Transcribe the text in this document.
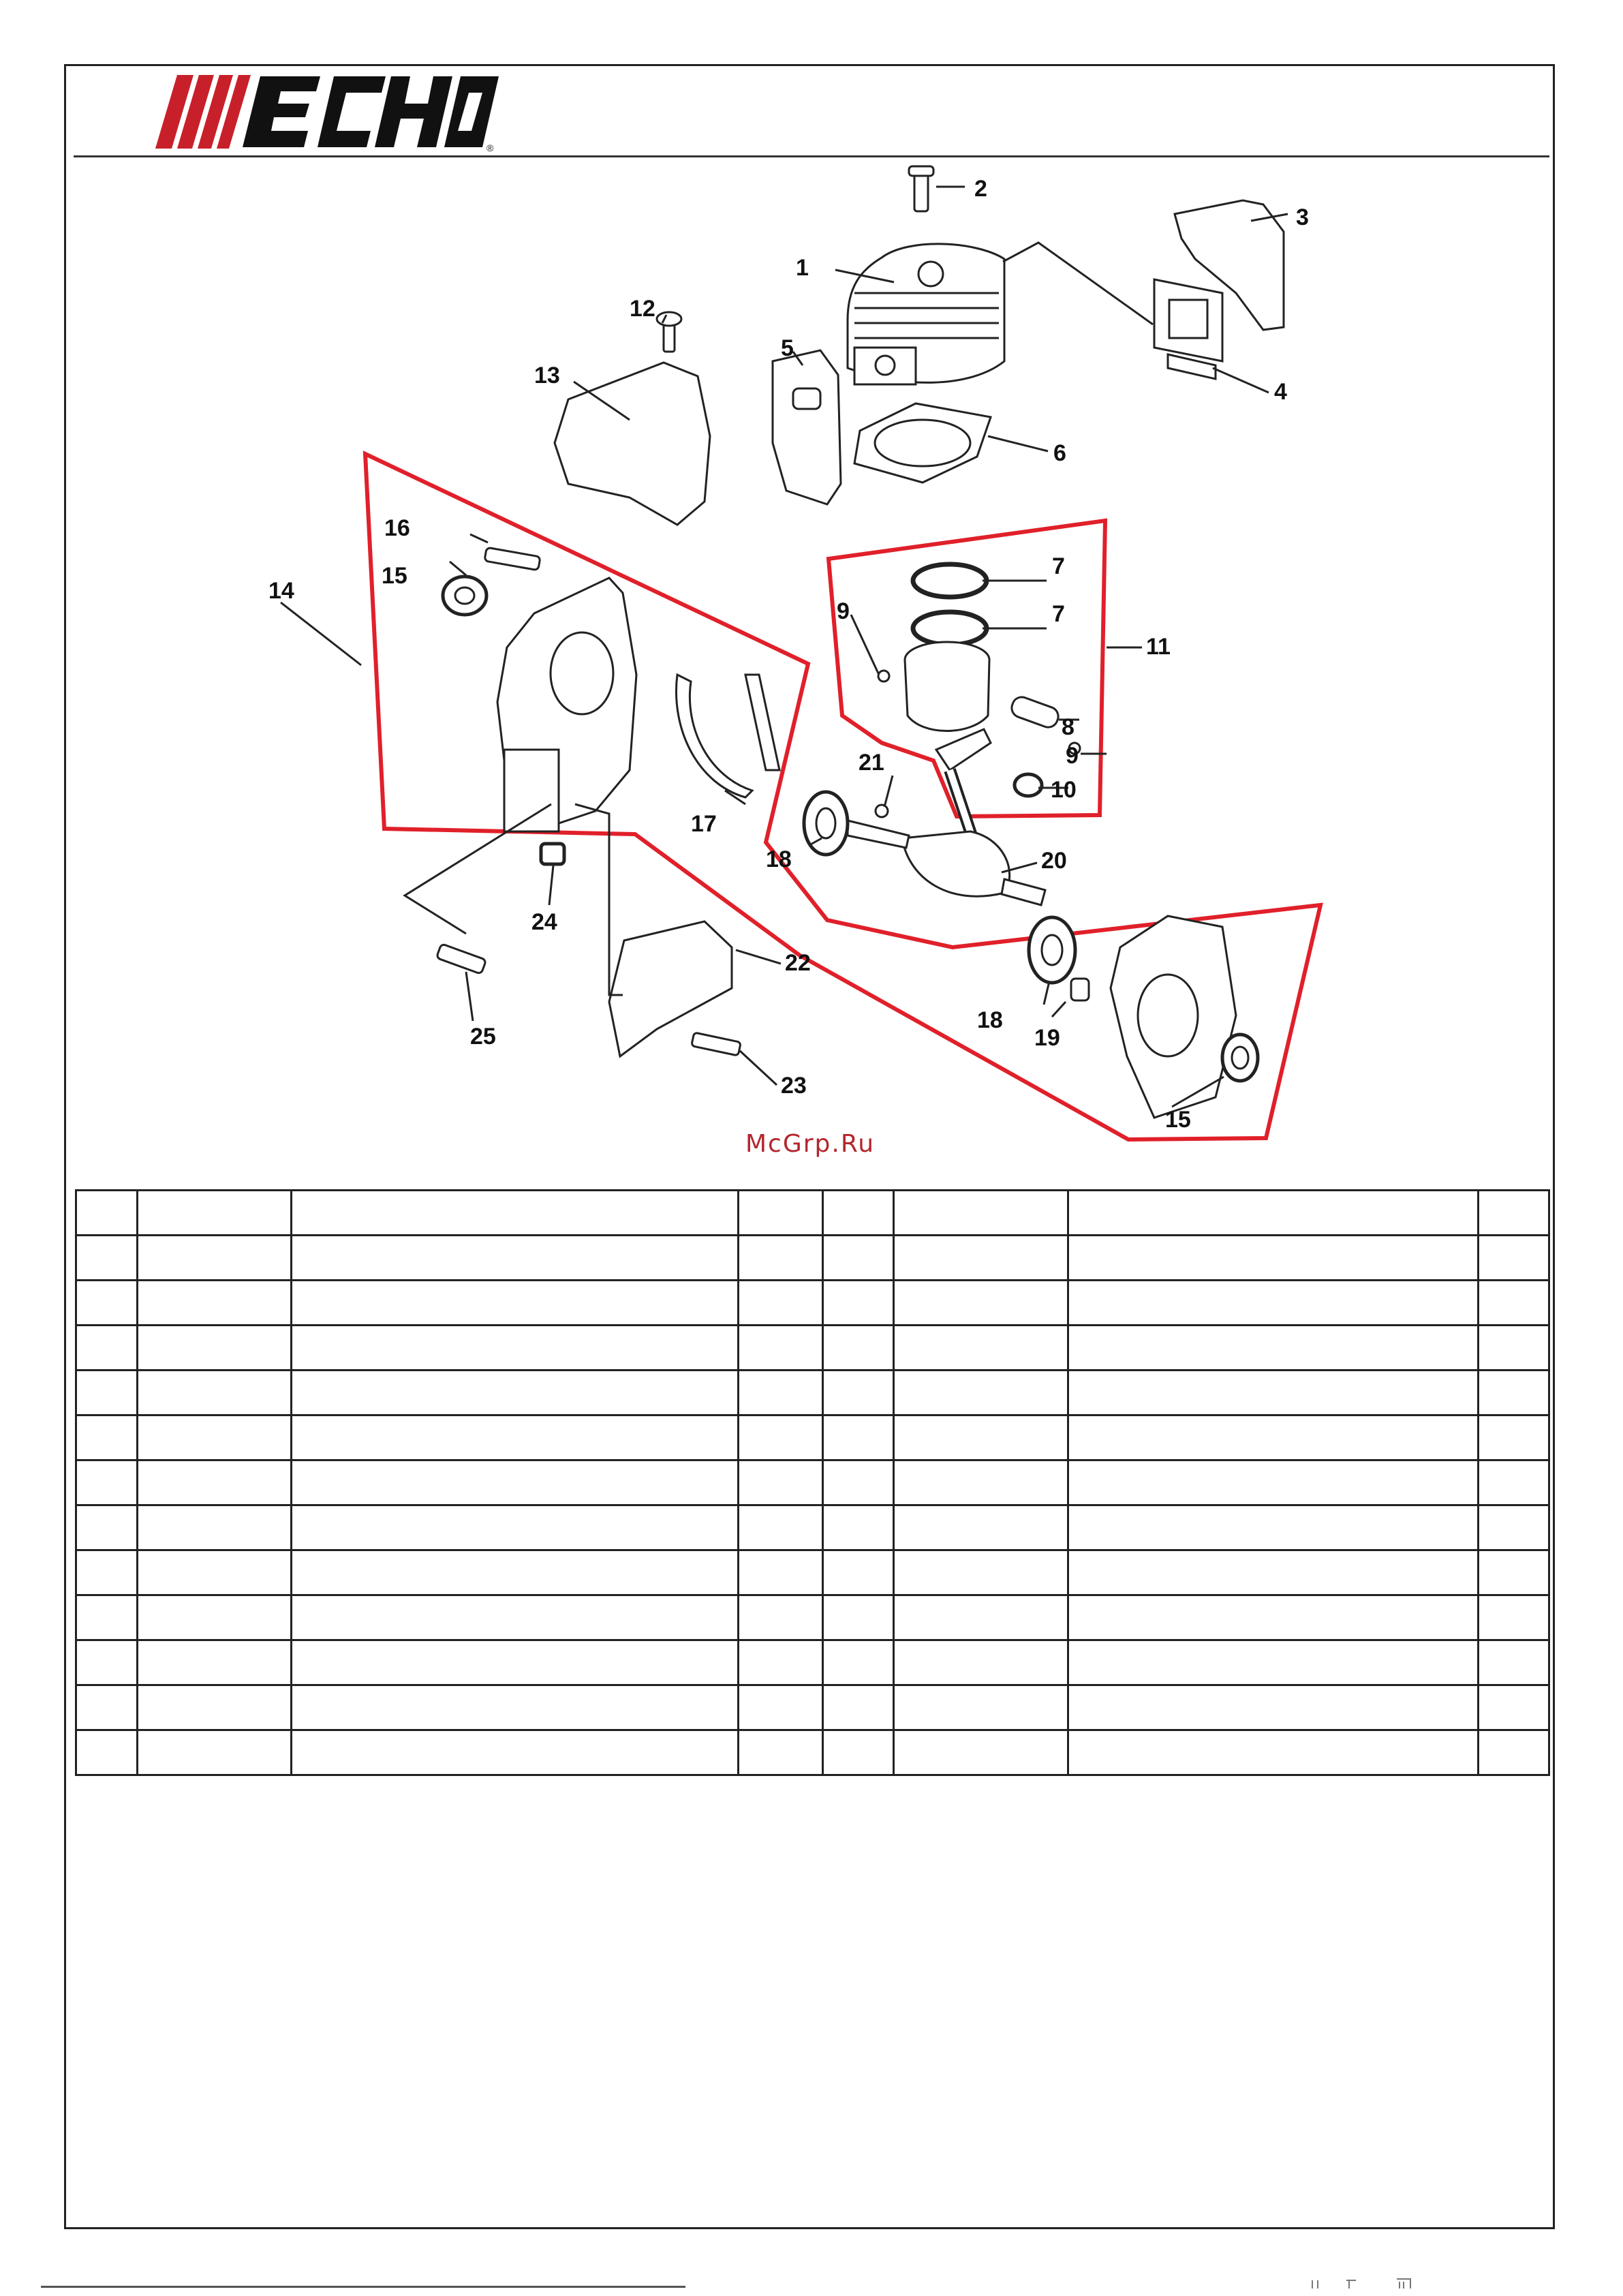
®
2
1
3
4
5
6
7
7
8
9
9
10
11
12
13
14
15
15
16
17
18
18
19
20
21
22
23
24
25
McGrp.Ru
